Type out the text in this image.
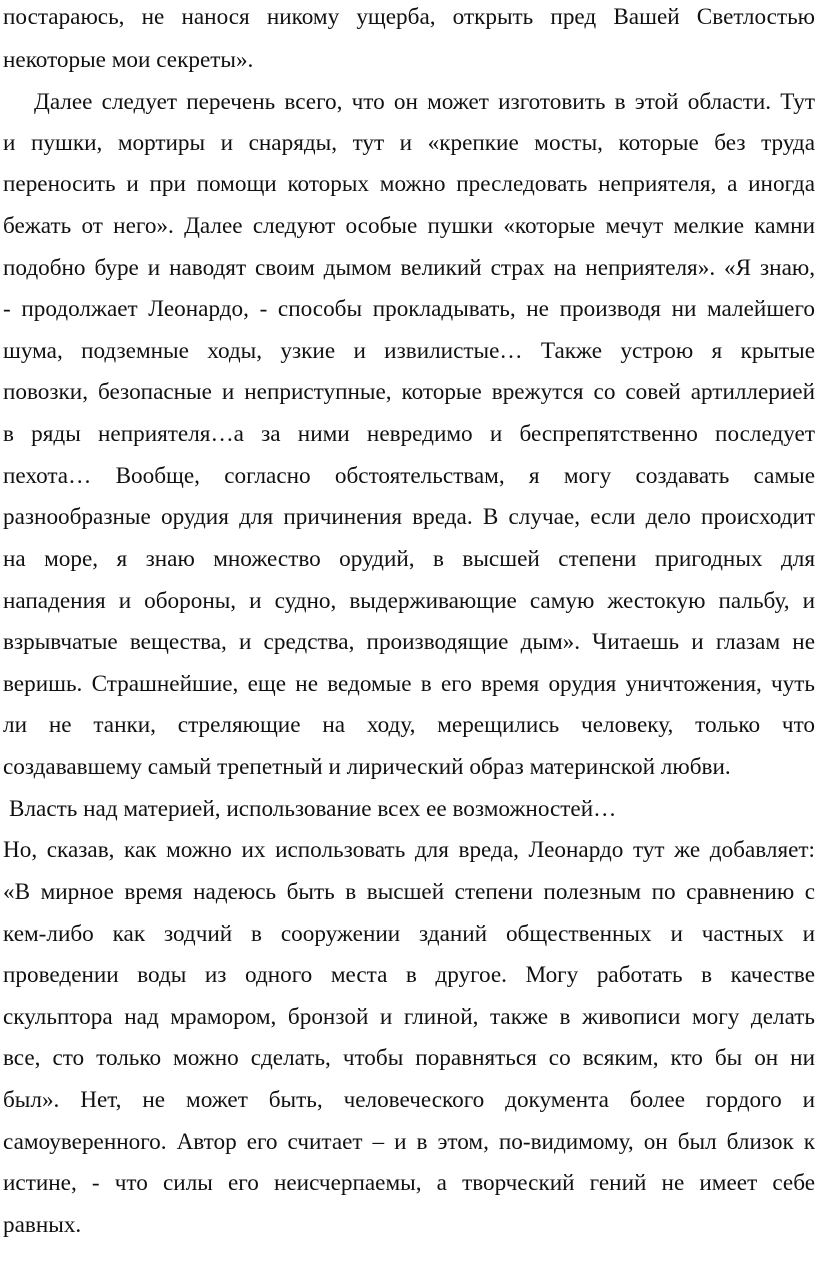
постараюсь, не нанося никому ущерба, открыть пред Вашей Светлостью
некоторые мои секреты».
Далее следует перечень всего, что он может изготовить в этой области. Тут
и пушки, мортиры и снаряды, тут и «крепкие мосты, которые без труда
переносить и при помощи которых можно преследовать неприятеля, а иногда
бежать от него». Далее следуют особые пушки «которые мечут мелкие камни
подобно буре и наводят своим дымом великий страх на неприятеля». «Я знаю,
- продолжает Леонардо, - способы прокладывать, не производя ни малейшего
шума, подземные ходы, узкие и извилистые… Также устрою я крытые
повозки, безопасные и неприступные, которые врежутся со совей артиллерией
в ряды неприятеля…а за ними невредимо и беспрепятственно последует
пехота… Вообще, согласно обстоятельствам, я могу создавать самые
разнообразные орудия для причинения вреда. В случае, если дело происходит
на море, я знаю множество орудий, в высшей степени пригодных для
нападения и обороны, и судно, выдерживающие самую жестокую пальбу, и
взрывчатые вещества, и средства, производящие дым». Читаешь и глазам не
веришь. Страшнейшие, еще не ведомые в его время орудия уничтожения, чуть
ли не танки, стреляющие на ходу, мерещились человеку, только что
создававшему самый трепетный и лирический образ материнской любви.
Власть над материей, использование всех ее возможностей…
Но, сказав, как можно их использовать для вреда, Леонардо тут же добавляет:
«В мирное время надеюсь быть в высшей степени полезным по сравнению с
кем-либо как зодчий в сооружении зданий общественных и частных и
проведении воды из одного места в другое. Могу работать в качестве
скульптора над мрамором, бронзой и глиной, также в живописи могу делать
все, сто только можно сделать, чтобы поравняться со всяким, кто бы он ни
был». Нет, не может быть, человеческого документа более гордого и
самоуверенного. Автор его считает – и в этом, по-видимому, он был близок к
истине, - что силы его неисчерпаемы, а творческий гений не имеет себе
равных.
